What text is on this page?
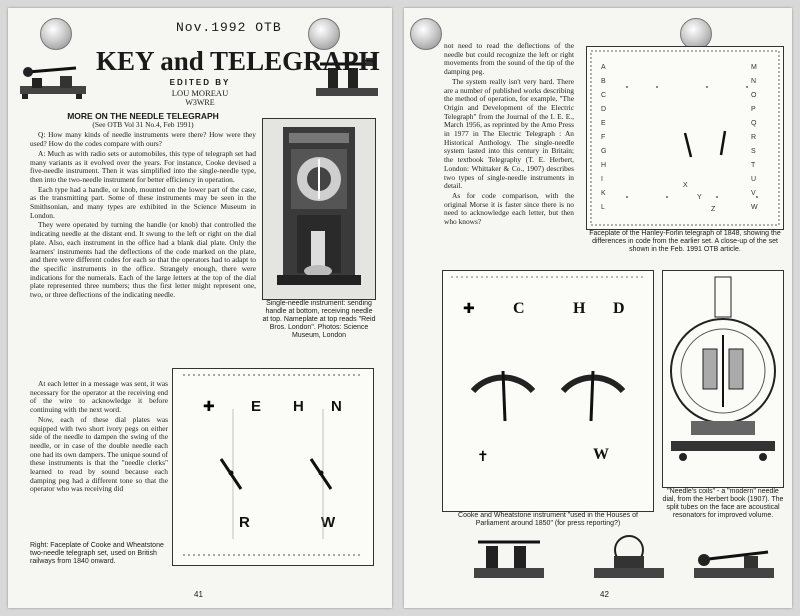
Nov.1992 OTB
KEY and TELEGRAPH
EDITED BY
LOU MOREAU
W3WRE
MORE ON THE NEEDLE TELEGRAPH
(See OTB Vol 31 No.4, Feb 1991)

Q: How many kinds of needle instruments were there? How were they used? How do the codes compare with ours?

A: Much as with radio sets or automobiles, this type of telegraph set had many variants as it evolved over the years. For instance, Cooke devised a five-needle instrument. Then it was simplified into the single-needle type, then into the two-needle instrument for better efficiency in operation.

Each type had a handle, or knob, mounted on the lower part of the case, as the transmitting part. Some of these instruments may be seen in the Smithsonian, and many types are exhibited in the Science Museum in London.

They were operated by turning the handle (or knob) that controlled the indicating needle at the distant end. It swung to the left or right on the dial plate. Also, each instrument in the office had a blank dial plate. Only the learners' instruments had the deflections of the code marked on the plate, and there were different codes for each so that the operators had to adapt to the specific instruments in the office. Strangely enough, there were indications for the numerals. Each of the large letters at the top of the dial plate represented three numbers; thus the first letter might represent one, two, or three deflections of the indicating needle.

At each letter in a message was sent, it was necessary for the operator at the receiving end of the wire to acknowledge it before continuing with the next word.

Now, each of these dial plates was equipped with two short ivory pegs on either side of the needle to dampen the swing of the needle, or in case of the double needle each one had its own dampers. The unique sound of these instruments is that the "needle clerks" learned to read by sound because each damping peg had a different tone so that the operator who was receiving did

Single-needle instrument: sending handle at bottom, receiving needle at top. Nameplate at top reads "Reid Bros. London". Photos: Science Museum, London
E H N
R	W
✚
Right: Faceplate of Cooke and Wheatstone two-needle telegraph set, used on British railways from 1840 onward.
41

not need to read the deflections of the needle but could recognize the left or right movements from the sound of the tip of the damping peg.

The system really isn't very hard. There are a number of published works describing the method of operation, for example, "The Origin and Development of the Electric Telegraph" from the Journal of the I. E. E., March 1956, as reprinted by the Arno Press in 1977 in The Electric Telegraph : An Historical Anthology. The single-needle system lasted into this century in Britain; the textbook Telegraphy (T. E. Herbert, London: Whittaker & Co., 1907) describes two types of single-needle instruments in detail.

As for code comparison, with the original Morse it is faster since there is no need to acknowledge each letter, but then who knows?

A
B
C
D
E
F
G
H
I
K
L
M
N
O
P
Q
R
S
T
U
V
W
X
Y
Z
Faceplate of the Hanley-Forlin telegraph of 1848, showing the differences in code from the earlier set. A close-up of the set shown in the Feb. 1991 OTB article.
✚ C	H D
W
✝
Cooke and Wheatstone instrument "used in the Houses of Parliament around 1850" (for press reporting?)
"Needle's coils" - a "modern" needle dial, from the Herbert book (1907). The split tubes on the face are acoustical resonators for improved volume.
42
